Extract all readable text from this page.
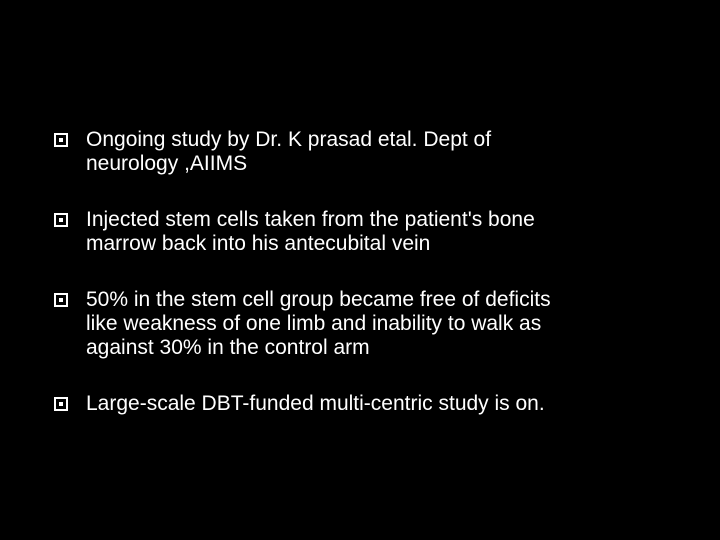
Ongoing study by Dr. K prasad etal. Dept of
neurology ,AIIMS
Injected stem cells taken from the patient's bone
marrow back into his antecubital vein
50% in the stem cell group became free of deficits
like weakness of one limb and inability to walk as
against 30% in the control arm
Large-scale DBT-funded multi-centric study is on.
